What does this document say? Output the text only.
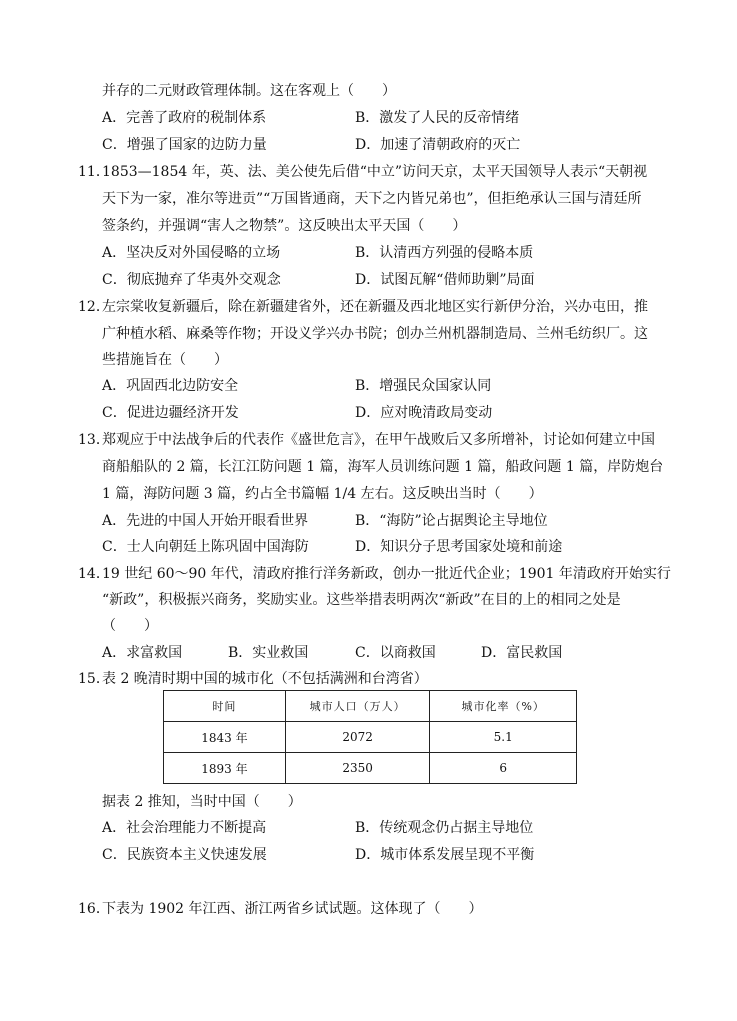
并存的二元财政管理体制。这在客观上（　　）
A．完善了政府的税制体系	B．激发了人民的反帝情绪
C．增强了国家的边防力量	D．加速了清朝政府的灭亡
11．
1853—1854 年，英、法、美公使先后借“中立”访问天京，太平天国领导人表示“天朝视
天下为一家，准尔等进贡”“万国皆通商，天下之内皆兄弟也”，但拒绝承认三国与清廷所
签条约，并强调“害人之物禁”。这反映出太平天国（　　）
A．坚决反对外国侵略的立场	B．认清西方列强的侵略本质
C．彻底抛弃了华夷外交观念	D．试图瓦解“借师助剿”局面
12．
左宗棠收复新疆后，除在新疆建省外，还在新疆及西北地区实行新伊分治，兴办屯田，推
广种植水稻、麻桑等作物；开设义学兴办书院；创办兰州机器制造局、兰州毛纺织厂。这
些措施旨在（　　）
A．巩固西北边防安全	B．增强民众国家认同
C．促进边疆经济开发	D．应对晚清政局变动
13．
郑观应于中法战争后的代表作《盛世危言》，在甲午战败后又多所增补，讨论如何建立中国
商船船队的 2 篇，长江江防问题 1 篇，海军人员训练问题 1 篇，船政问题 1 篇，岸防炮台
1 篇，海防问题 3 篇，约占全书篇幅 1/4 左右。这反映出当时（　　）
A．先进的中国人开始开眼看世界	B．“海防”论占据舆论主导地位
C．士人向朝廷上陈巩固中国海防	D．知识分子思考国家处境和前途
14．
19 世纪 60～90 年代，清政府推行洋务新政，创办一批近代企业；1901 年清政府开始实行
“新政”，积极振兴商务，奖励实业。这些举措表明两次“新政”在目的上的相同之处是
（　　）
A．求富救国	B．实业救国	C．以商救国	D．富民救国
15．
表 2 晚清时期中国的城市化（不包括满洲和台湾省）
时间	城市人口（万人）	城市化率（%）
1843 年	2072	5.1
1893 年	2350	6
据表 2 推知，当时中国（　　）
A．社会治理能力不断提高	B．传统观念仍占据主导地位
C．民族资本主义快速发展	D．城市体系发展呈现不平衡
16．
下表为 1902 年江西、浙江两省乡试试题。这体现了（　　）
